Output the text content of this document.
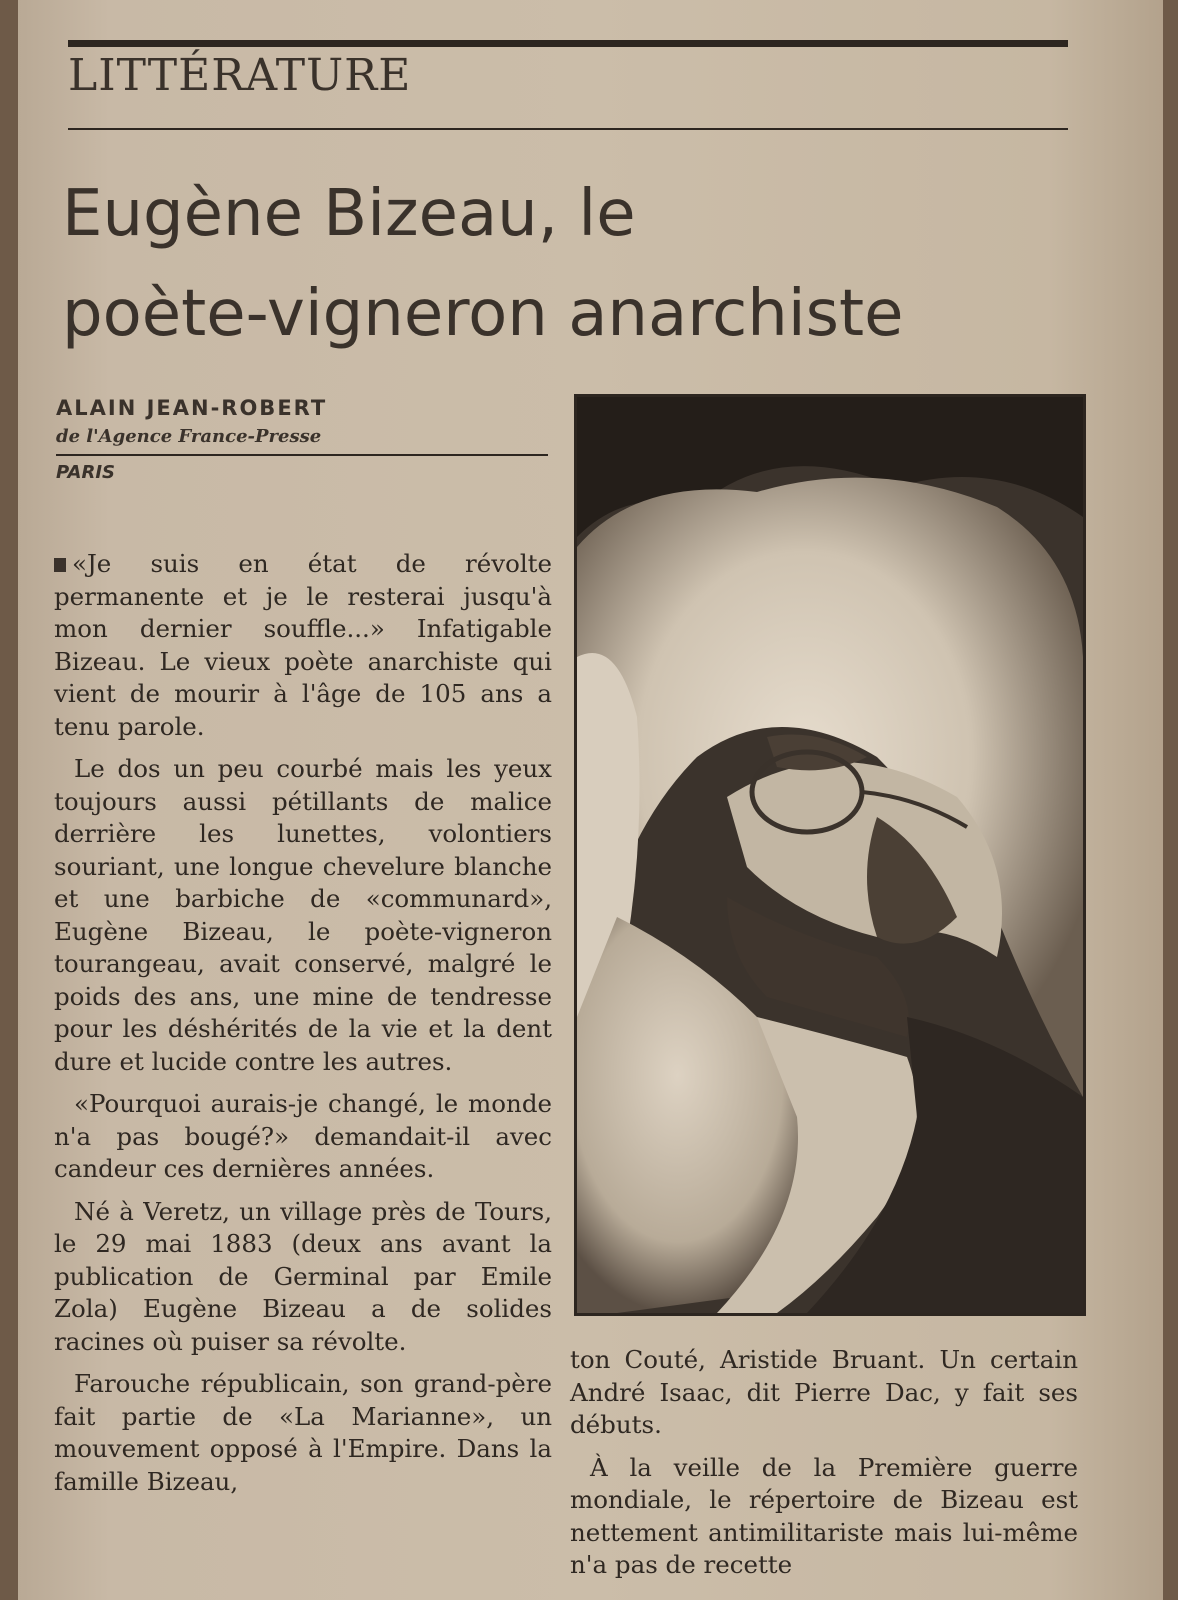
LITTÉRATURE
Eugène Bizeau, le
poète-vigneron anarchiste
ALAIN JEAN-ROBERT
de l'Agence France-Presse
PARIS

«Je suis en état de révolte permanente et je le resterai jusqu'à mon dernier souffle...» Infatigable Bizeau. Le vieux poète anarchiste qui vient de mourir à l'âge de 105 ans a tenu parole.

Le dos un peu courbé mais les yeux toujours aussi pétillants de malice derrière les lunettes, volontiers souriant, une longue chevelure blanche et une barbiche de «communard», Eugène Bizeau, le poète-vigneron tourangeau, avait conservé, malgré le poids des ans, une mine de tendresse pour les déshérités de la vie et la dent dure et lucide contre les autres.

«Pourquoi aurais-je changé, le monde n'a pas bougé?» demandait-il avec candeur ces dernières années.

Né à Veretz, un village près de Tours, le 29 mai 1883 (deux ans avant la publication de Germinal par Emile Zola) Eugène Bizeau a de solides racines où puiser sa révolte.

Farouche républicain, son grand-père fait partie de «La Marianne», un mouvement opposé à l'Empire. Dans la famille Bizeau,

ton Couté, Aristide Bruant. Un certain André Isaac, dit Pierre Dac, y fait ses débuts.

À la veille de la Première guerre mondiale, le répertoire de Bizeau est nettement antimilitariste mais lui-même n'a pas de recette
